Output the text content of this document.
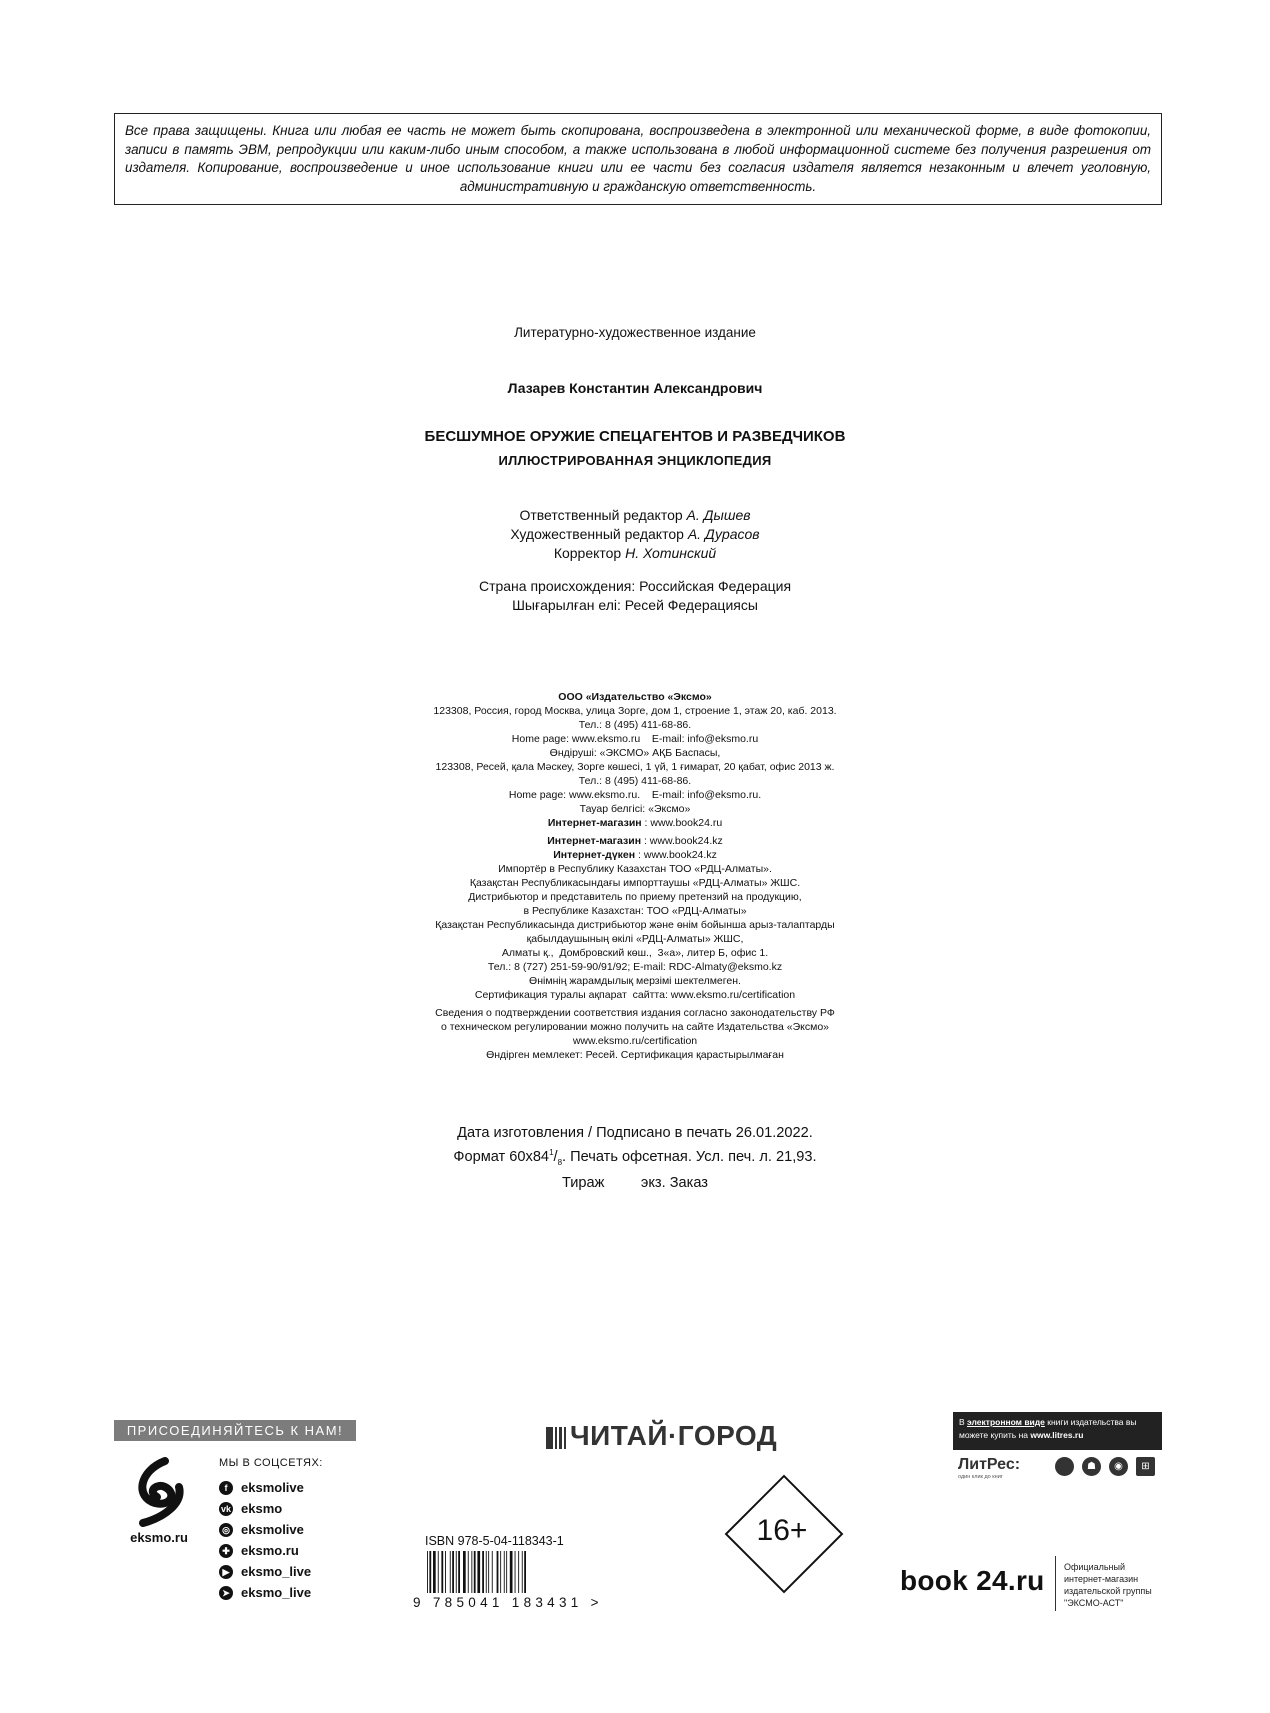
Все права защищены. Книга или любая ее часть не может быть скопирована, воспроизведена в электронной или механической форме, в виде фотокопии, записи в память ЭВМ, репродукции или каким-либо иным способом, а также использована в любой информационной системе без получения разрешения от издателя. Копирование, воспроизведение и иное использование книги или ее части без согласия издателя является незаконным и влечет уголовную, административную и гражданскую ответственность.
Литературно-художественное издание
Лазарев Константин Александрович
БЕСШУМНОЕ ОРУЖИЕ СПЕЦАГЕНТОВ И РАЗВЕДЧИКОВ
ИЛЛЮСТРИРОВАННАЯ ЭНЦИКЛОПЕДИЯ
Ответственный редактор А. Дышев
Художественный редактор А. Дурасов
Корректор Н. Хотинский
Страна происхождения: Российская Федерация
Шығарылған елі: Ресей Федерациясы
ООО «Издательство «Эксмо»
123308, Россия, город Москва, улица Зорге, дом 1, строение 1, этаж 20, каб. 2013.
Тел.: 8 (495) 411-68-86.
Home page: www.eksmo.ru    E-mail: info@eksmo.ru
Өндіруші: «ЭКСМО» АҚБ Баспасы,
123308, Ресей, қала Мәскеу, Зорге көшесі, 1 үй, 1 ғимарат, 20 қабат, офис 2013 ж.
Тел.: 8 (495) 411-68-86.
Home page: www.eksmo.ru.    E-mail: info@eksmo.ru.
Тауар белгісі: «Эксмо»
Интернет-магазин : www.book24.ru
Интернет-магазин : www.book24.kz
Интернет-дүкен : www.book24.kz
Импортёр в Республику Казахстан ТОО «РДЦ-Алматы».
Қазақстан Республикасындағы импорттаушы «РДЦ-Алматы» ЖШС.
Дистрибьютор и представитель по приему претензий на продукцию,
в Республике Казахстан: ТОО «РДЦ-Алматы»
Қазақстан Республикасында дистрибьютор және өнім бойынша арыз-талаптарды
қабылдаушының өкілі «РДЦ-Алматы» ЖШС,
Алматы қ.,  Домбровский көш.,  3«а», литер Б, офис 1.
Тел.: 8 (727) 251-59-90/91/92; E-mail: RDC-Almaty@eksmo.kz
Өнімнің жарамдылық мерзімі шектелмеген.
Сертификация туралы ақпарат  сайтта: www.eksmo.ru/certification
Сведения о подтверждении соответствия издания согласно законодательству РФ
о техническом регулировании можно получить на сайте Издательства «Эксмо»
www.eksmo.ru/certification
Өндірген мемлекет: Ресей. Сертификация қарастырылмаған
Дата изготовления / Подписано в печать 26.01.2022.
Формат $60x84^1/_8$. Печать офсетная. Усл. печ. л. 21,93.
Тираж         экз. Заказ
ПРИСОЕДИНЯЙТЕСЬ К НАМ!
eksmo.ru
МЫ В СОЦСЕТЯХ:
f	eksmolive
vk eksmo
◎ eksmolive
✚ eksmo.ru
▶ eksmo_live
➤ eksmo_live
ЧИТАЙ·ГОРОД
ISBN 978-5-04-118343-1
9 785041 183431 >
16+
В электронном виде книги издательства вы можете купить на www.litres.ru
ЛитРес:
один клик до книг
☗	◉	⊞
book 24.ru Официальный
интернет-магазин
издательской группы
"ЭКСМО-АСТ"
